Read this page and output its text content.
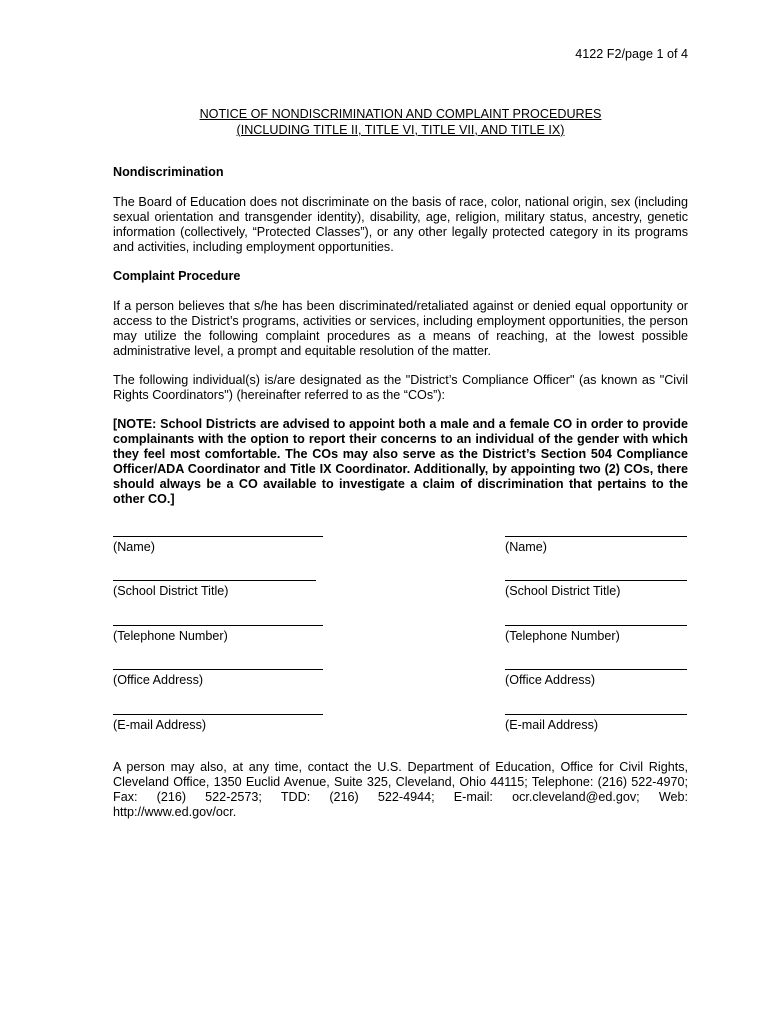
4122 F2/page 1 of 4
NOTICE OF NONDISCRIMINATION AND COMPLAINT PROCEDURES
(INCLUDING TITLE II, TITLE VI, TITLE VII, AND TITLE IX)
Nondiscrimination
The Board of Education does not discriminate on the basis of race, color, national origin, sex (including sexual orientation and transgender identity), disability, age, religion, military status, ancestry, genetic information (collectively, “Protected Classes”), or any other legally protected category in its programs and activities, including employment opportunities.
Complaint Procedure
If a person believes that s/he has been discriminated/retaliated against or denied equal opportunity or access to the District’s programs, activities or services, including employment opportunities, the person may utilize the following complaint procedures as a means of reaching, at the lowest possible administrative level, a prompt and equitable resolution of the matter.
The following individual(s) is/are designated as the "District’s Compliance Officer" (as known as "Civil Rights Coordinators") (hereinafter referred to as the “COs”):
[NOTE: School Districts are advised to appoint both a male and a female CO in order to provide complainants with the option to report their concerns to an individual of the gender with which they feel most comfortable. The COs may also serve as the District’s Section 504 Compliance Officer/ADA Coordinator and Title IX Coordinator. Additionally, by appointing two (2) COs, there should always be a CO available to investigate a claim of discrimination that pertains to the other CO.]
(Name)
(School District Title)
(Telephone Number)
(Office Address)
(E-mail Address)
(Name)
(School District Title)
(Telephone Number)
(Office Address)
(E-mail Address)
A person may also, at any time, contact the U.S. Department of Education, Office for Civil Rights, Cleveland Office, 1350 Euclid Avenue, Suite 325, Cleveland, Ohio 44115; Telephone: (216) 522-4970; Fax: (216) 522-2573; TDD: (216) 522-4944; E-mail: ocr.cleveland@ed.gov; Web: http://www.ed.gov/ocr.
